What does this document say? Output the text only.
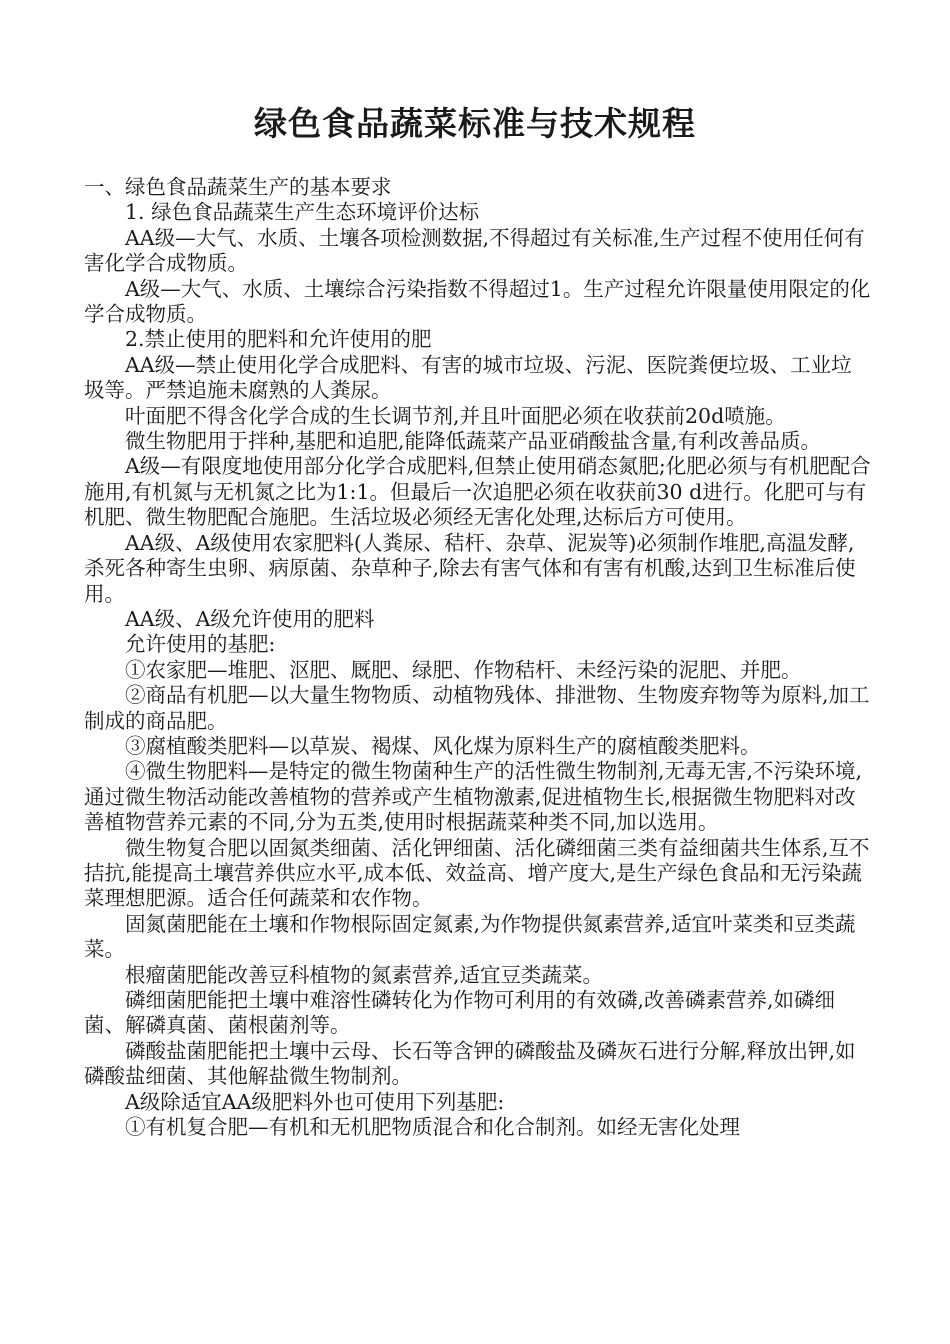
绿色食品蔬菜标准与技术规程

一、绿色食品蔬菜生产的基本要求

1. 绿色食品蔬菜生产生态环境评价达标

AA级—大气、水质、土壤各项检测数据,不得超过有关标准,生产过程不使用任何有害化学合成物质。

A级—大气、水质、土壤综合污染指数不得超过1。生产过程允许限量使用限定的化学合成物质。

2.禁止使用的肥料和允许使用的肥

AA级—禁止使用化学合成肥料、有害的城市垃圾、污泥、医院粪便垃圾、工业垃圾等。严禁追施未腐熟的人粪尿。

叶面肥不得含化学合成的生长调节剂,并且叶面肥必须在收获前20d喷施。

微生物肥用于拌种,基肥和追肥,能降低蔬菜产品亚硝酸盐含量,有利改善品质。

A级—有限度地使用部分化学合成肥料,但禁止使用硝态氮肥;化肥必须与有机肥配合施用,有机氮与无机氮之比为1:1。但最后一次追肥必须在收获前30 d进行。化肥可与有机肥、微生物肥配合施肥。生活垃圾必须经无害化处理,达标后方可使用。

AA级、A级使用农家肥料(人粪尿、秸杆、杂草、泥炭等)必须制作堆肥,高温发酵,杀死各种寄生虫卵、病原菌、杂草种子,除去有害气体和有害有机酸,达到卫生标准后使用。

AA级、A级允许使用的肥料

允许使用的基肥:

①农家肥—堆肥、沤肥、厩肥、绿肥、作物秸杆、未经污染的泥肥、并肥。

②商品有机肥—以大量生物物质、动植物残体、排泄物、生物废弃物等为原料,加工制成的商品肥。

③腐植酸类肥料—以草炭、褐煤、风化煤为原料生产的腐植酸类肥料。

④微生物肥料—是特定的微生物菌种生产的活性微生物制剂,无毒无害,不污染环境,通过微生物活动能改善植物的营养或产生植物激素,促进植物生长,根据微生物肥料对改善植物营养元素的不同,分为五类,使用时根据蔬菜种类不同,加以选用。

微生物复合肥以固氮类细菌、活化钾细菌、活化磷细菌三类有益细菌共生体系,互不拮抗,能提高土壤营养供应水平,成本低、效益高、增产度大,是生产绿色食品和无污染蔬菜理想肥源。适合任何蔬菜和农作物。

固氮菌肥能在土壤和作物根际固定氮素,为作物提供氮素营养,适宜叶菜类和豆类蔬菜。

根瘤菌肥能改善豆科植物的氮素营养,适宜豆类蔬菜。

磷细菌肥能把土壤中难溶性磷转化为作物可利用的有效磷,改善磷素营养,如磷细菌、解磷真菌、菌根菌剂等。

磷酸盐菌肥能把土壤中云母、长石等含钾的磷酸盐及磷灰石进行分解,释放出钾,如磷酸盐细菌、其他解盐微生物制剂。

A级除适宜AA级肥料外也可使用下列基肥:

①有机复合肥—有机和无机肥物质混合和化合制剂。如经无害化处理
